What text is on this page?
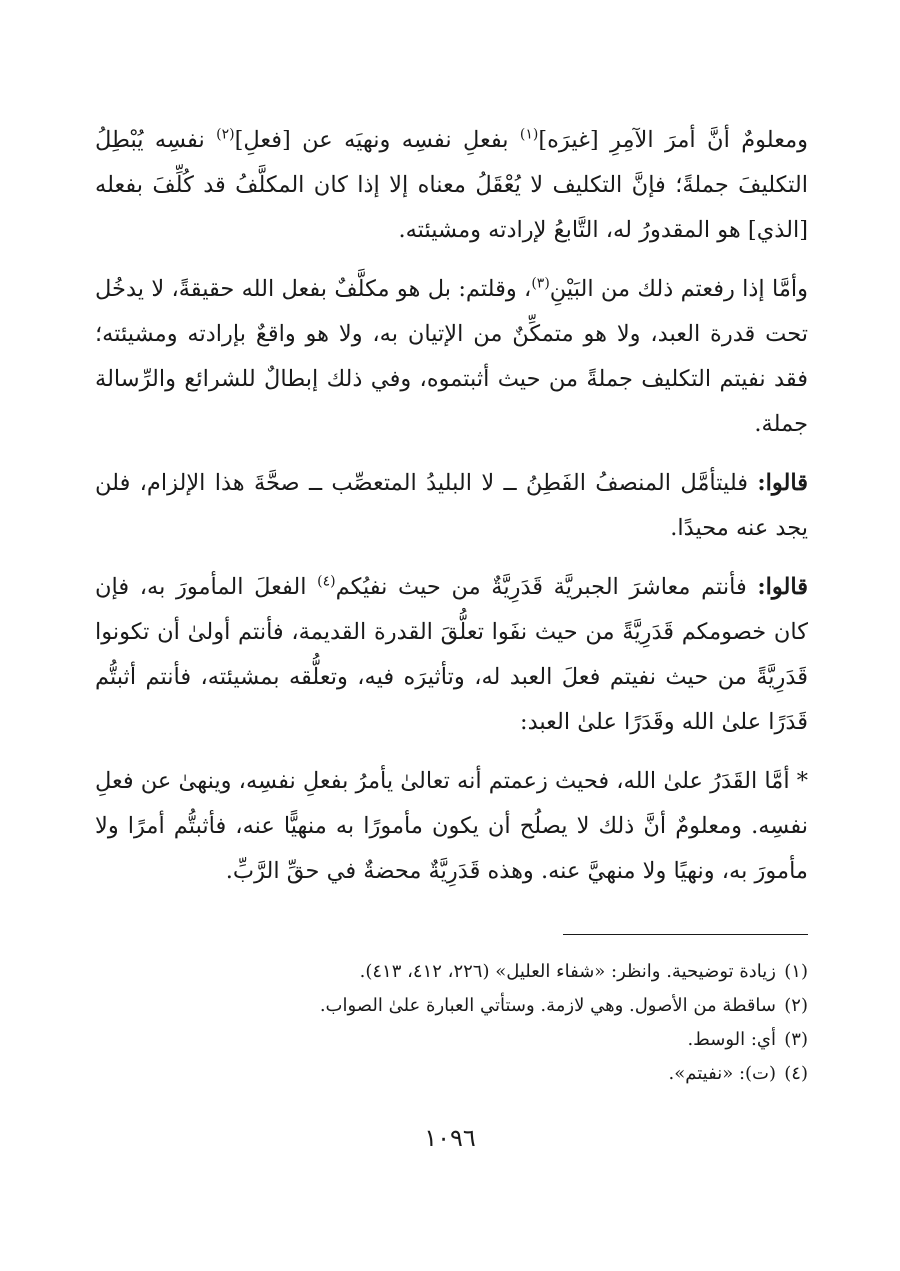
ومعلومٌ أنَّ أمرَ الآمِرِ [غيرَه]$^{(١)}$ بفعلِ نفسِه ونهيَه عن [فعلِ]$^{(٢)}$ نفسِه يُبْطِلُ التكليفَ جملةً؛ فإنَّ التكليف لا يُعْقَلُ معناه إلا إذا كان المكلَّفُ قد كُلِّفَ بفعله [الذي] هو المقدورُ له، التَّابعُ لإرادته ومشيئته.

وأمَّا إذا رفعتم ذلك من البَيْنِ$^{(٣)}$، وقلتم: بل هو مكلَّفٌ بفعل الله حقيقةً، لا يدخُل تحت قدرة العبد، ولا هو متمكِّنٌ من الإتيان به، ولا هو واقعٌ بإرادته ومشيئته؛ فقد نفيتم التكليف جملةً من حيث أثبتموه، وفي ذلك إبطالٌ للشرائع والرِّسالة جملة.

قالوا: فليتأمَّل المنصفُ الفَطِنُ ــ لا البليدُ المتعصِّب ــ صحَّةَ هذا الإلزام، فلن يجد عنه محيدًا.

قالوا: فأنتم معاشرَ الجبريَّة قَدَرِيَّةٌ من حيث نفيُكم$^{(٤)}$ الفعلَ المأمورَ به، فإن كان خصومكم قَدَرِيَّةً من حيث نفَوا تعلُّقَ القدرة القديمة، فأنتم أولىٰ أن تكونوا قَدَرِيَّةً من حيث نفيتم فعلَ العبد له، وتأثيرَه فيه، وتعلُّقه بمشيئته، فأنتم أثبتُّم قَدَرًا علىٰ الله وقَدَرًا علىٰ العبد:

* أمَّا القَدَرُ علىٰ الله، فحيث زعمتم أنه تعالىٰ يأمرُ بفعلِ نفسِه، وينهىٰ عن فعلِ نفسِه. ومعلومٌ أنَّ ذلك لا يصلُح أن يكون مأمورًا به منهيًّا عنه، فأثبتُّم أمرًا ولا مأمورَ به، ونهيًا ولا منهيَّ عنه. وهذه قَدَرِيَّةٌ محضةٌ في حقِّ الرَّبِّ.

(١)زيادة توضيحية. وانظر: «شفاء العليل» (٢٢٦، ٤١٢، ٤١٣).

(٢)ساقطة من الأصول. وهي لازمة. وستأتي العبارة علىٰ الصواب.

(٣)أي: الوسط.

(٤)(ت): «نفيتم».

١٠٩٦
